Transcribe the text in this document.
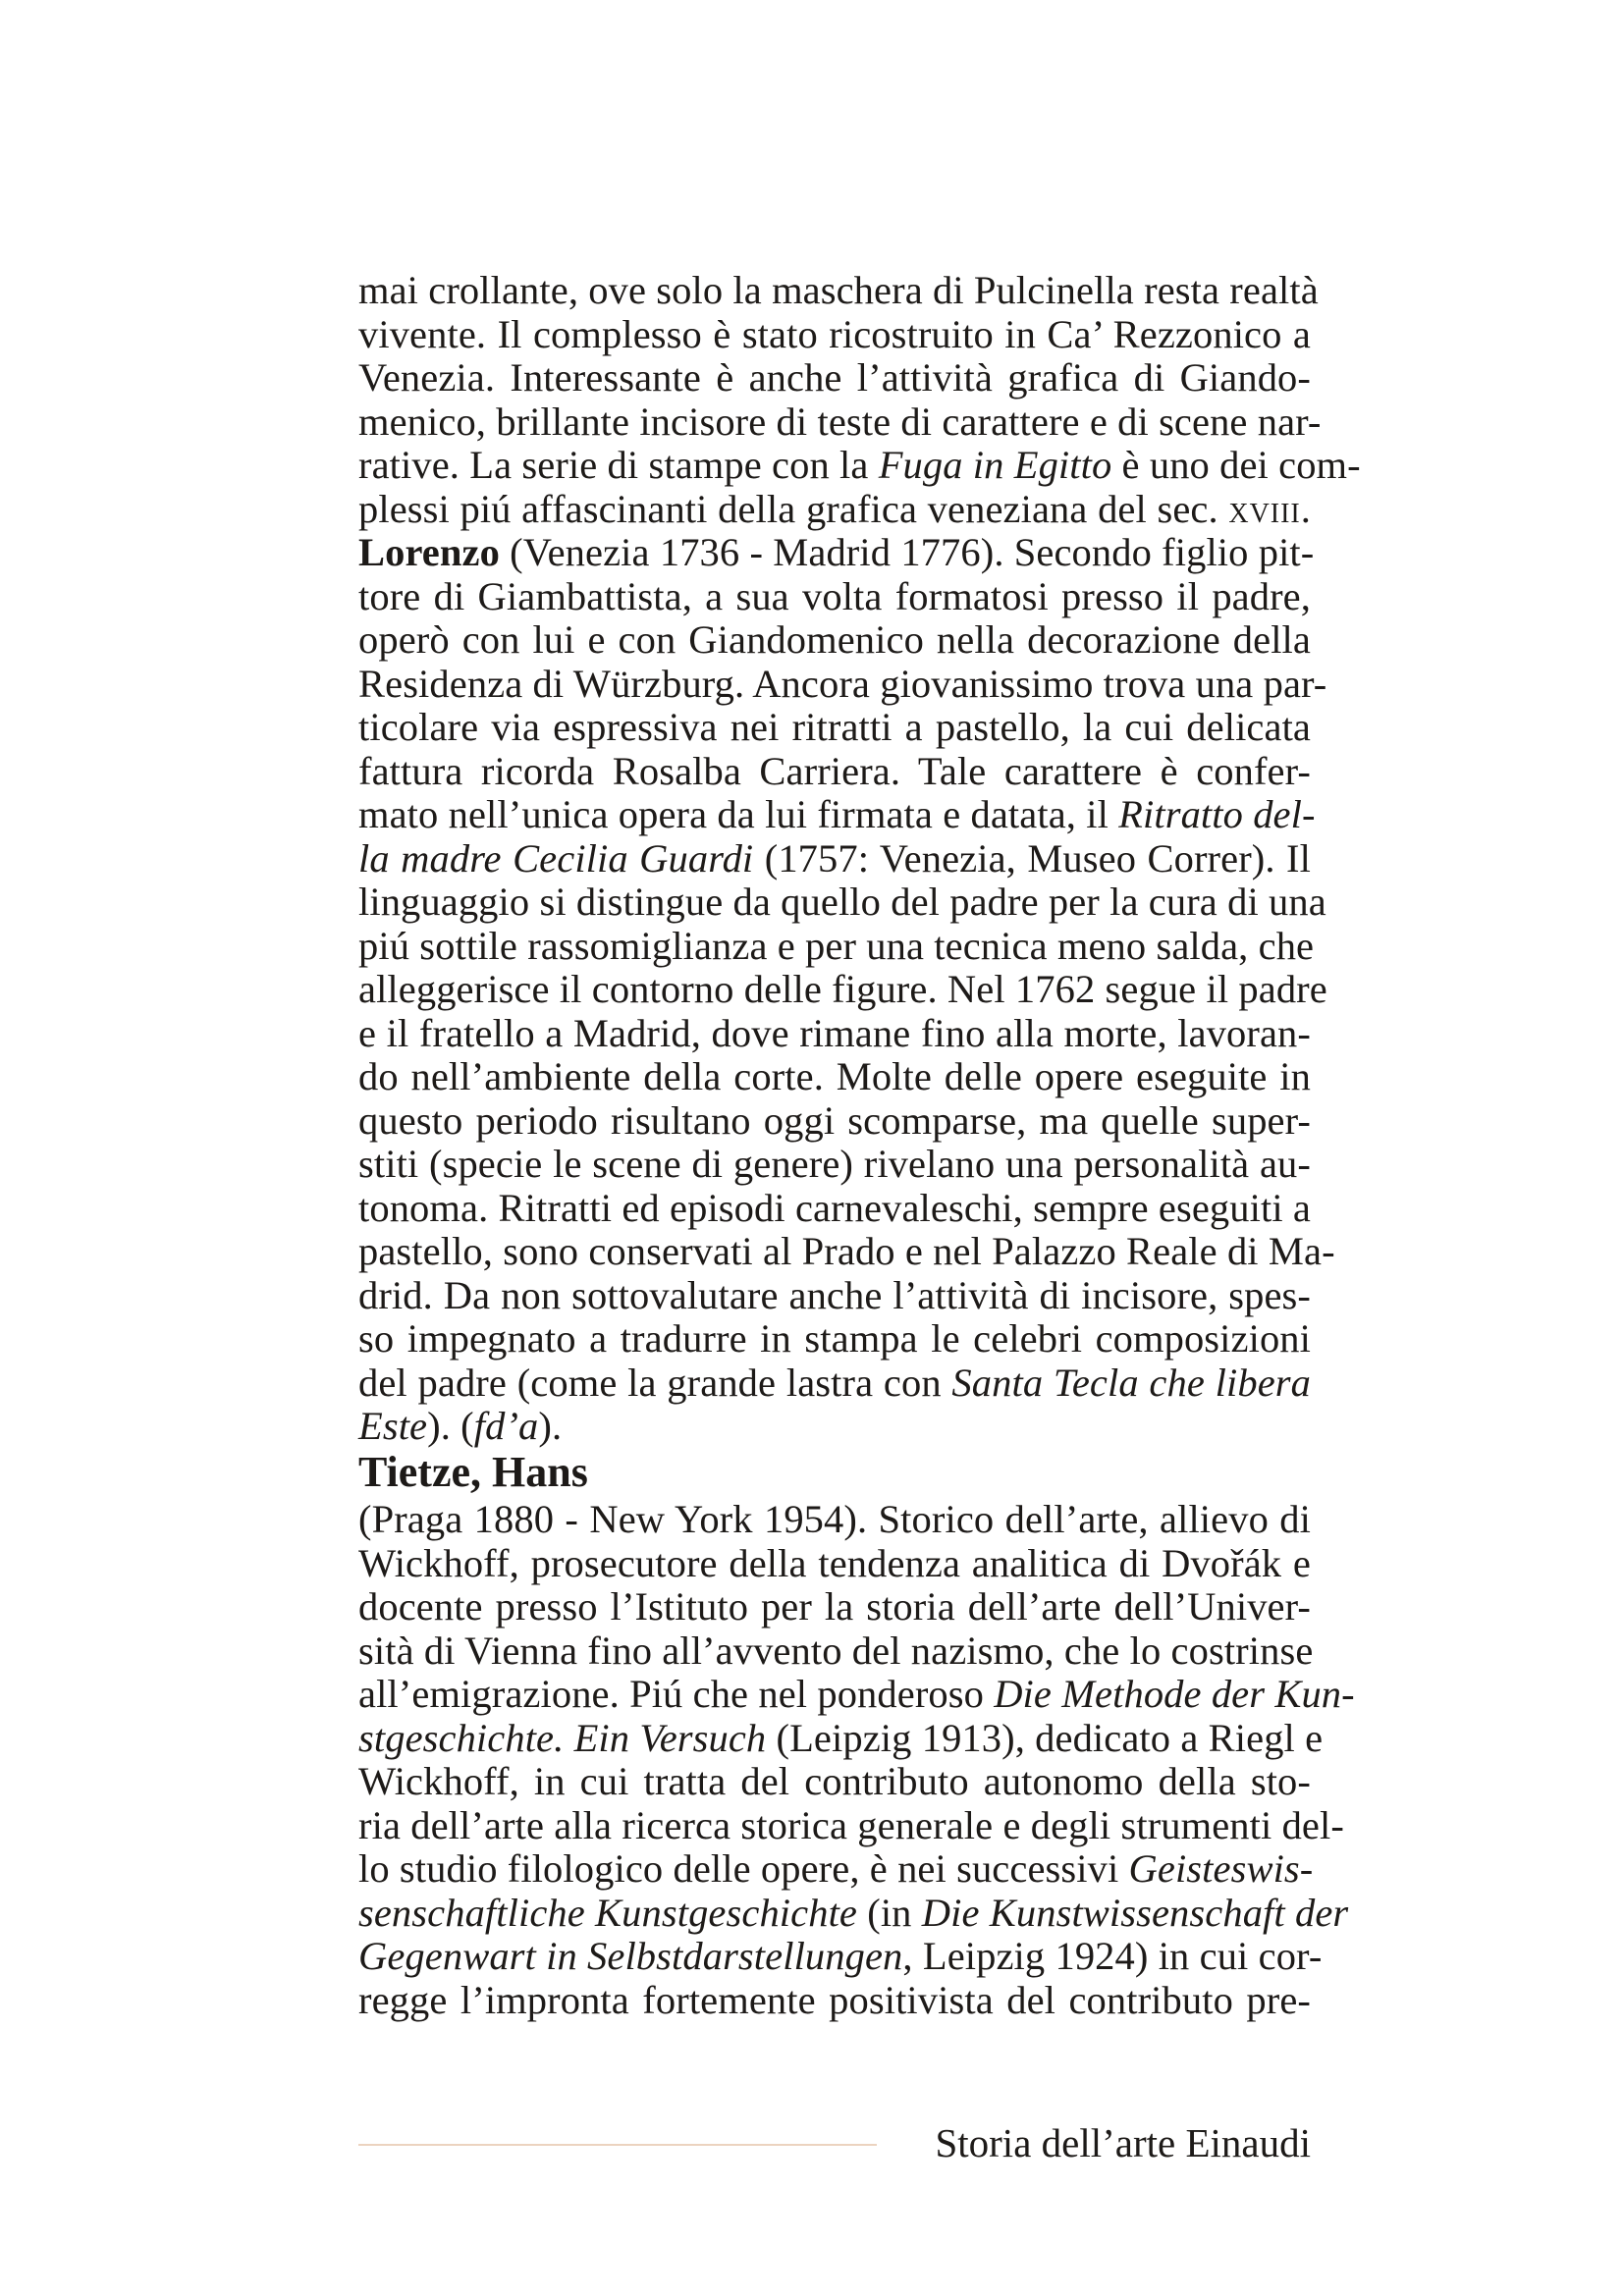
mai crollante, ove solo la maschera di Pulcinella resta realtà
vivente. Il complesso è stato ricostruito in Ca’ Rezzonico a
Venezia. Interessante è anche l’attività grafica di Giando-
menico, brillante incisore di teste di carattere e di scene nar-
rative. La serie di stampe con la Fuga in Egitto è uno dei com-
plessi piú affascinanti della grafica veneziana del sec. xviii.
Lorenzo (Venezia 1736 - Madrid 1776). Secondo figlio pit-
tore di Giambattista, a sua volta formatosi presso il padre,
operò con lui e con Giandomenico nella decorazione della
Residenza di Würzburg. Ancora giovanissimo trova una par-
ticolare via espressiva nei ritratti a pastello, la cui delicata
fattura ricorda Rosalba Carriera. Tale carattere è confer-
mato nell’unica opera da lui firmata e datata, il Ritratto del-
la madre Cecilia Guardi (1757: Venezia, Museo Correr). Il
linguaggio si distingue da quello del padre per la cura di una
piú sottile rassomiglianza e per una tecnica meno salda, che
alleggerisce il contorno delle figure. Nel 1762 segue il padre
e il fratello a Madrid, dove rimane fino alla morte, lavoran-
do nell’ambiente della corte. Molte delle opere eseguite in
questo periodo risultano oggi scomparse, ma quelle super-
stiti (specie le scene di genere) rivelano una personalità au-
tonoma. Ritratti ed episodi carnevaleschi, sempre eseguiti a
pastello, sono conservati al Prado e nel Palazzo Reale di Ma-
drid. Da non sottovalutare anche l’attività di incisore, spes-
so impegnato a tradurre in stampa le celebri composizioni
del padre (come la grande lastra con Santa Tecla che libera
Este). (fd’a).
Tietze, Hans
(Praga 1880 - New York 1954). Storico dell’arte, allievo di
Wickhoff, prosecutore della tendenza analitica di Dvořák e
docente presso l’Istituto per la storia dell’arte dell’Univer-
sità di Vienna fino all’avvento del nazismo, che lo costrinse
all’emigrazione. Piú che nel ponderoso Die Methode der Kun-
stgeschichte. Ein Versuch (Leipzig 1913), dedicato a Riegl e
Wickhoff, in cui tratta del contributo autonomo della sto-
ria dell’arte alla ricerca storica generale e degli strumenti del-
lo studio filologico delle opere, è nei successivi Geisteswis-
senschaftliche Kunstgeschichte (in Die Kunstwissenschaft der
Gegenwart in Selbstdarstellungen, Leipzig 1924) in cui cor-
regge l’impronta fortemente positivista del contributo pre-
Storia dell’arte Einaudi
